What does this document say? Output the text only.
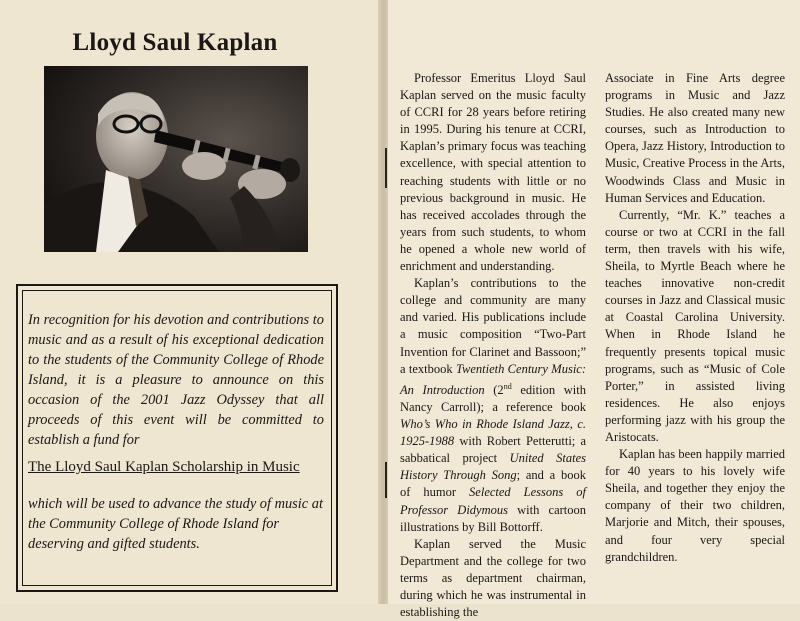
Lloyd Saul Kaplan

In recognition for his devotion and contributions to music and as a result of his exceptional dedication to the students of the Community College of Rhode Island, it is a pleasure to announce on this occasion of the 2001 Jazz Odyssey that all proceeds of this event will be committed to establish a fund for

The Lloyd Saul Kaplan Scholarship in Music

which will be used to advance the study of music at the Community College of Rhode Island for deserving and gifted students.

Professor Emeritus Lloyd Saul Kaplan served on the music faculty of CCRI for 28 years before retiring in 1995. During his tenure at CCRI, Kaplan’s primary focus was teaching excellence, with special attention to reaching students with little or no previous background in music. He has received accolades through the years from such students, to whom he opened a whole new world of enrichment and understanding.

Kaplan’s contributions to the college and community are many and varied. His publications include a music composition “Two-Part Invention for Clarinet and Bassoon;” a textbook Twentieth Century Music: An Introduction (2nd edition with Nancy Carroll); a reference book Who’s Who in Rhode Island Jazz, c. 1925-1988 with Robert Petterutti; a sabbatical project United States History Through Song; and a book of humor Selected Lessons of Professor Didymous with cartoon illustrations by Bill Bottorff.

Kaplan served the Music Department and the college for two terms as department chairman, during which he was instrumental in establishing the

Associate in Fine Arts degree programs in Music and Jazz Studies. He also created many new courses, such as Introduction to Opera, Jazz History, Introduction to Music, Creative Process in the Arts, Woodwinds Class and Music in Human Services and Education.

Currently, “Mr. K.” teaches a course or two at CCRI in the fall term, then travels with his wife, Sheila, to Myrtle Beach where he teaches innovative non-credit courses in Jazz and Classical music at Coastal Carolina University. When in Rhode Island he frequently presents topical music programs, such as “Music of Cole Porter,” in assisted living residences. He also enjoys performing jazz with his group the Aristocats.

Kaplan has been happily married for 40 years to his lovely wife Sheila, and together they enjoy the company of their two children, Marjorie and Mitch, their spouses, and four very special grandchildren.
